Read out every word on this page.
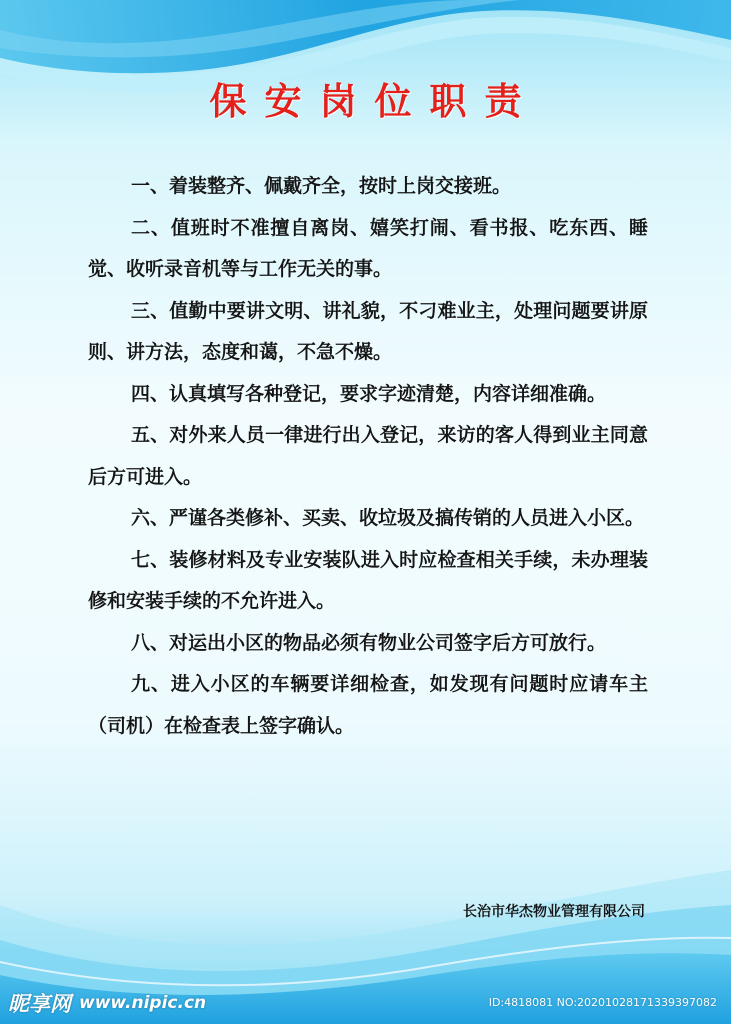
保安岗位职责

一、着装整齐、佩戴齐全，按时上岗交接班。

二、值班时不准擅自离岗、嬉笑打闹、看书报、吃东西、睡觉、收听录音机等与工作无关的事。

三、值勤中要讲文明、讲礼貌，不刁难业主，处理问题要讲原则、讲方法，态度和蔼，不急不燥。

四、认真填写各种登记，要求字迹清楚，内容详细准确。

五、对外来人员一律进行出入登记，来访的客人得到业主同意后方可进入。

六、严谨各类修补、买卖、收垃圾及搞传销的人员进入小区。

七、装修材料及专业安装队进入时应检查相关手续，未办理装修和安装手续的不允许进入。

八、对运出小区的物品必须有物业公司签字后方可放行。

九、进入小区的车辆要详细检查，如发现有问题时应请车主（司机）在检查表上签字确认。

长治市华杰物业管理有限公司
昵享网 www.nipic.cn	ID:4818081 NO:20201028171339397082
